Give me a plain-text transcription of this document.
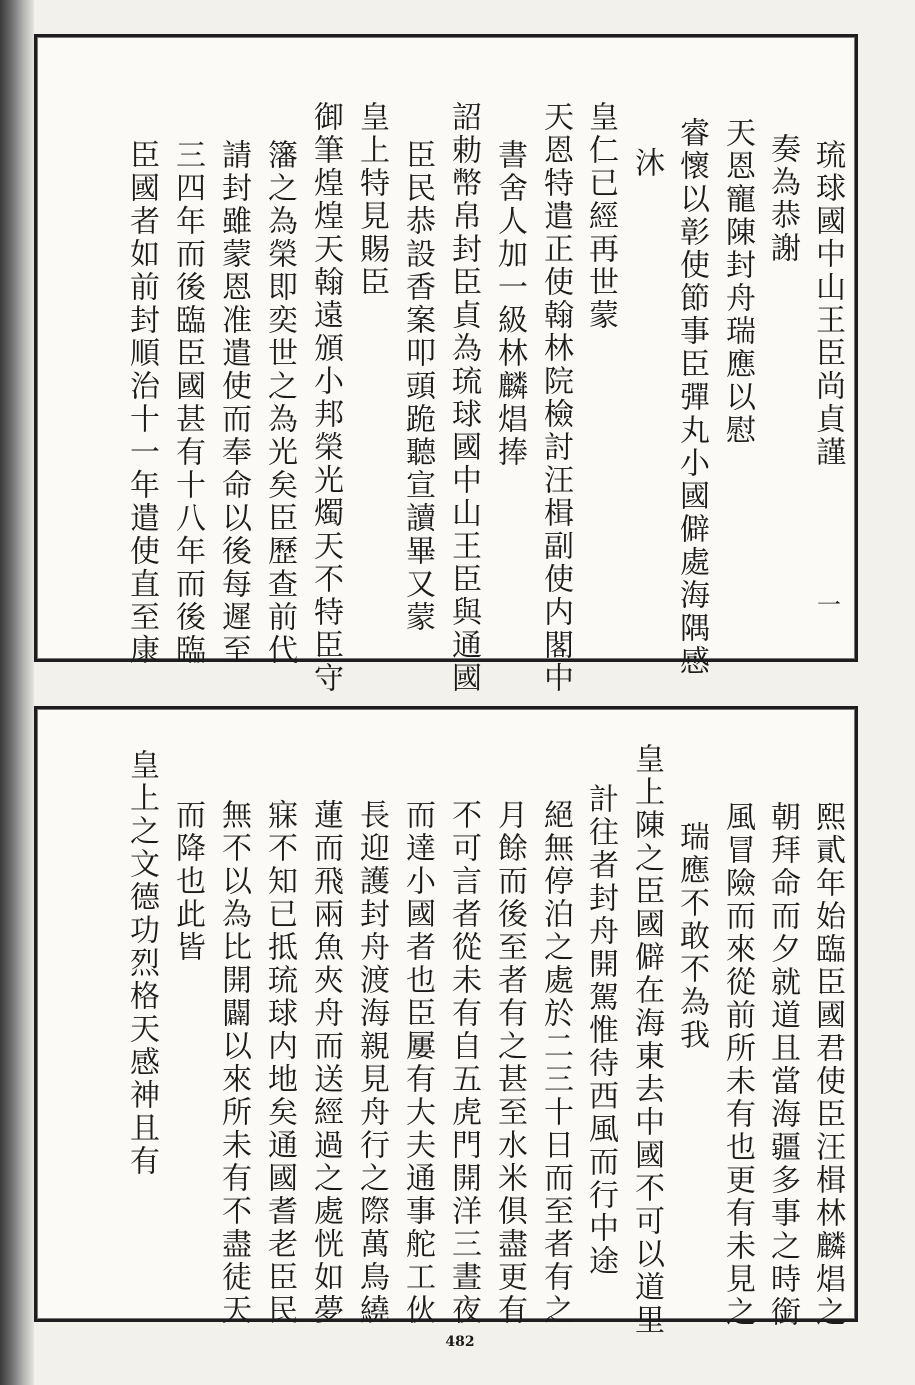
琉球國中山王臣尚貞謹
奏為恭謝
天恩寵陳封舟瑞應以慰
睿懷以彰使節事臣彈丸小國僻處海隅感
沐
皇仁已經再世蒙
天恩特遣正使翰林院檢討汪楫副使内閣中
書舍人加一級林麟焻捧
詔勅幣帛封臣貞為琉球國中山王臣與通國
臣民恭設香案叩頭跪聽宣讀畢又蒙
皇上特見賜臣
御筆煌煌天翰遠頒小邦榮光燭天不特臣守
籓之為榮即奕世之為光矣臣歷查前代
請封雖蒙恩准遣使而奉命以後每遲至
三四年而後臨臣國甚有十八年而後臨
臣國者如前封順治十一年遣使直至康	一
熙貳年始臨臣國君使臣汪楫林麟焻之
朝拜命而夕就道且當海疆多事之時銜
風冒險而來從前所未有也更有未見之
瑞應不敢不為我
皇上陳之臣國僻在海東去中國不可以道里
計往者封舟開駕惟待西風而行中途
絕無停泊之處於二三十日而至者有之
月餘而後至者有之甚至水米俱盡更有
不可言者從未有自五虎門開洋三晝夜
而達小國者也臣屢有大夫通事舵工伙
長迎護封舟渡海親見舟行之際萬鳥繞
蓮而飛兩魚夾舟而送經過之處恍如夢
寐不知已抵琉球内地矣通國耆老臣民
無不以為比開闢以來所未有不盡徒天
而降也此皆
皇上之文德功烈格天感神且有
482
